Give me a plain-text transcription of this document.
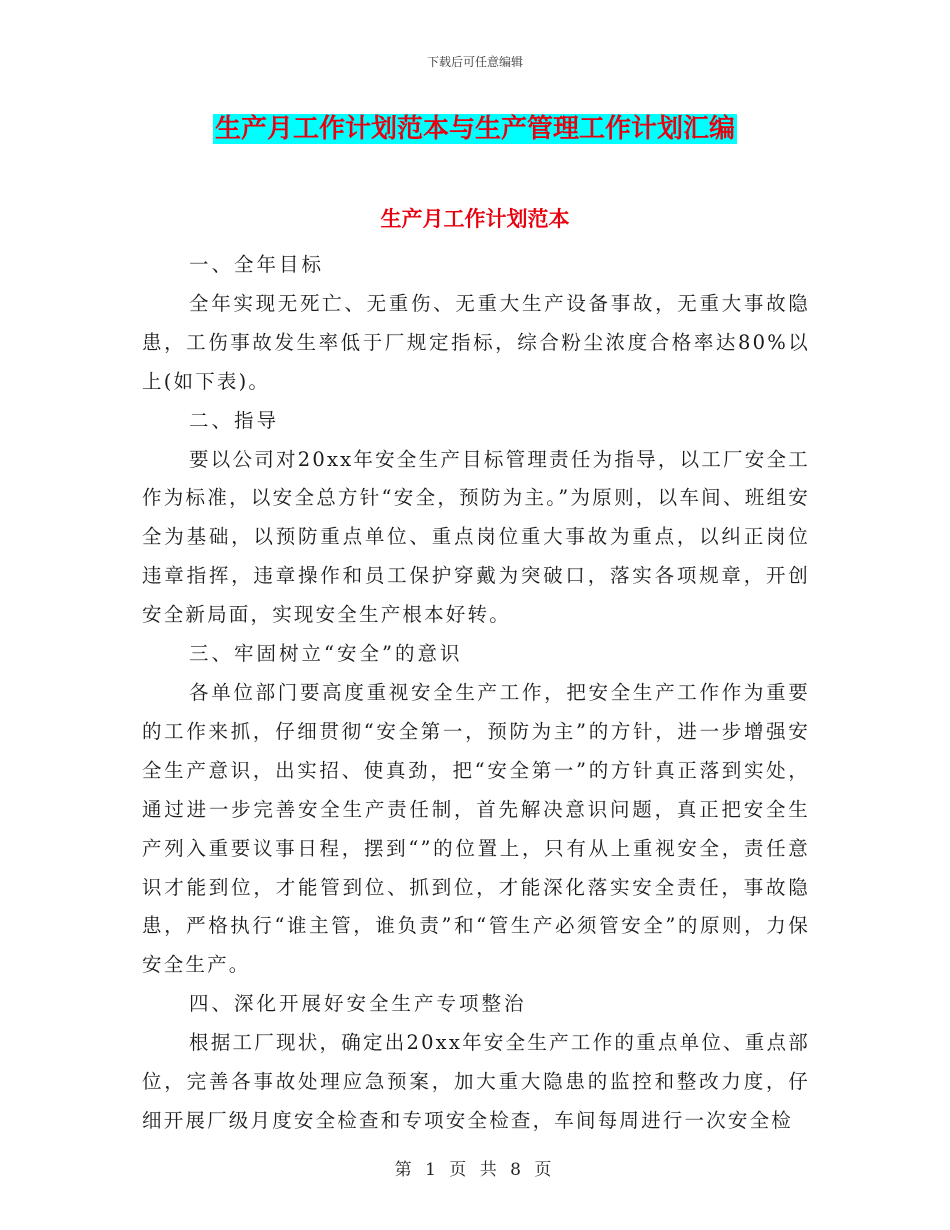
下载后可任意编辑
生产月工作计划范本与生产管理工作计划汇编
生产月工作计划范本

一、全年目标

全年实现无死亡、无重伤、无重大生产设备事故，无重大事故隐患，工伤事故发生率低于厂规定指标，综合粉尘浓度合格率达80%以上(如下表)。

二、指导

要以公司对20xx年安全生产目标管理责任为指导，以工厂安全工作为标准，以安全总方针“安全，预防为主。”为原则，以车间、班组安全为基础，以预防重点单位、重点岗位重大事故为重点，以纠正岗位违章指挥，违章操作和员工保护穿戴为突破口，落实各项规章，开创安全新局面，实现安全生产根本好转。

三、牢固树立“安全”的意识

各单位部门要高度重视安全生产工作，把安全生产工作作为重要的工作来抓，仔细贯彻“安全第一，预防为主”的方针，进一步增强安全生产意识，出实招、使真劲，把“安全第一”的方针真正落到实处，通过进一步完善安全生产责任制，首先解决意识问题，真正把安全生产列入重要议事日程，摆到“”的位置上，只有从上重视安全，责任意识才能到位，才能管到位、抓到位，才能深化落实安全责任，事故隐患，严格执行“谁主管，谁负责”和“管生产必须管安全”的原则，力保安全生产。

四、深化开展好安全生产专项整治

根据工厂现状，确定出20xx年安全生产工作的重点单位、重点部位，完善各事故处理应急预案，加大重大隐患的监控和整改力度，仔细开展厂级月度安全检查和专项安全检查，车间每周进行一次安全检

第 1 页 共 8 页
